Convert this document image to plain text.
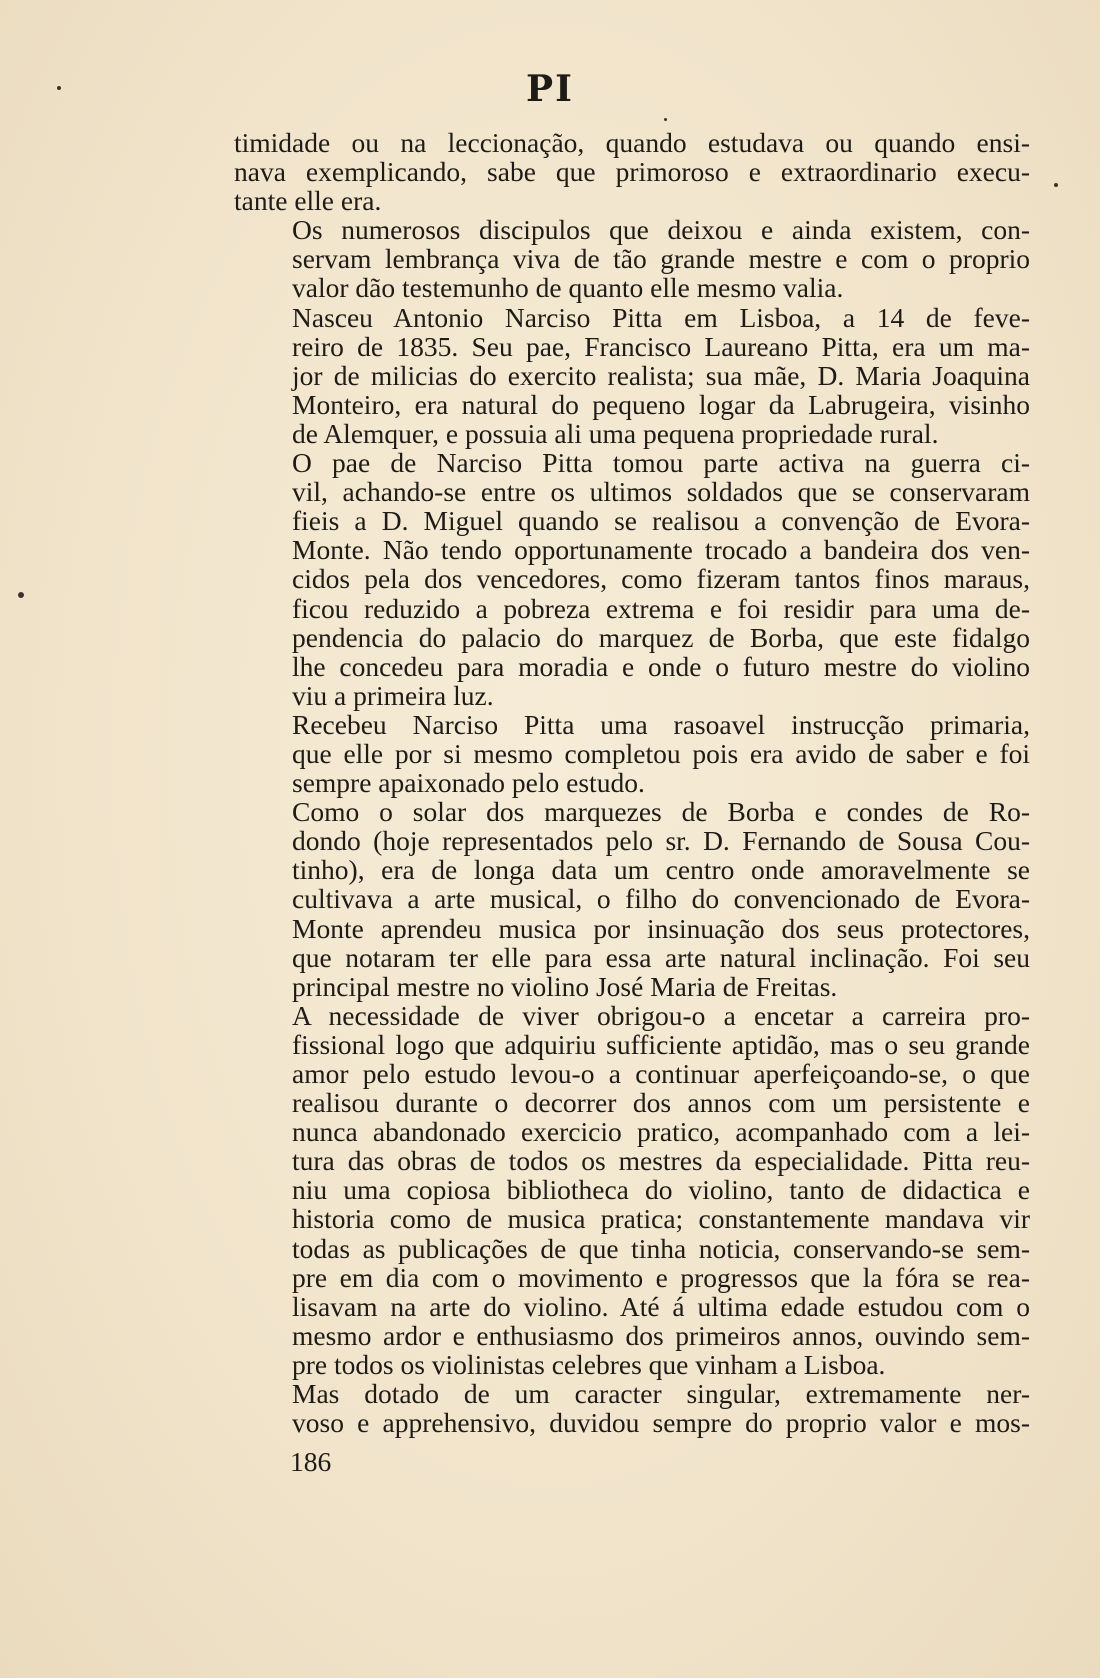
PI

timidade ou na leccionação, quando estudava ou quando ensi-
nava exemplicando, sabe que primoroso e extraordinario execu-
tante elle era.

Os numerosos discipulos que deixou e ainda existem, con-
servam lembrança viva de tão grande mestre e com o proprio
valor dão testemunho de quanto elle mesmo valia.

Nasceu Antonio Narciso Pitta em Lisboa, a 14 de feve-
reiro de 1835. Seu pae, Francisco Laureano Pitta, era um ma-
jor de milicias do exercito realista; sua mãe, D. Maria Joaquina
Monteiro, era natural do pequeno logar da Labrugeira, visinho
de Alemquer, e possuia ali uma pequena propriedade rural.

O pae de Narciso Pitta tomou parte activa na guerra ci-
vil, achando-se entre os ultimos soldados que se conservaram
fieis a D. Miguel quando se realisou a convenção de Evora-
Monte. Não tendo opportunamente trocado a bandeira dos ven-
cidos pela dos vencedores, como fizeram tantos finos maraus,
ficou reduzido a pobreza extrema e foi residir para uma de-
pendencia do palacio do marquez de Borba, que este fidalgo
lhe concedeu para moradia e onde o futuro mestre do violino
viu a primeira luz.

Recebeu Narciso Pitta uma rasoavel instrucção primaria,
que elle por si mesmo completou pois era avido de saber e foi
sempre apaixonado pelo estudo.

Como o solar dos marquezes de Borba e condes de Ro-
dondo (hoje representados pelo sr. D. Fernando de Sousa Cou-
tinho), era de longa data um centro onde amoravelmente se
cultivava a arte musical, o filho do convencionado de Evora-
Monte aprendeu musica por insinuação dos seus protectores,
que notaram ter elle para essa arte natural inclinação. Foi seu
principal mestre no violino José Maria de Freitas.

A necessidade de viver obrigou-o a encetar a carreira pro-
fissional logo que adquiriu sufficiente aptidão, mas o seu grande
amor pelo estudo levou-o a continuar aperfeiçoando-se, o que
realisou durante o decorrer dos annos com um persistente e
nunca abandonado exercicio pratico, acompanhado com a lei-
tura das obras de todos os mestres da especialidade. Pitta reu-
niu uma copiosa bibliotheca do violino, tanto de didactica e
historia como de musica pratica; constantemente mandava vir
todas as publicações de que tinha noticia, conservando-se sem-
pre em dia com o movimento e progressos que la fóra se rea-
lisavam na arte do violino. Até á ultima edade estudou com o
mesmo ardor e enthusiasmo dos primeiros annos, ouvindo sem-
pre todos os violinistas celebres que vinham a Lisboa.

Mas dotado de um caracter singular, extremamente ner-
voso e apprehensivo, duvidou sempre do proprio valor e mos-

186
